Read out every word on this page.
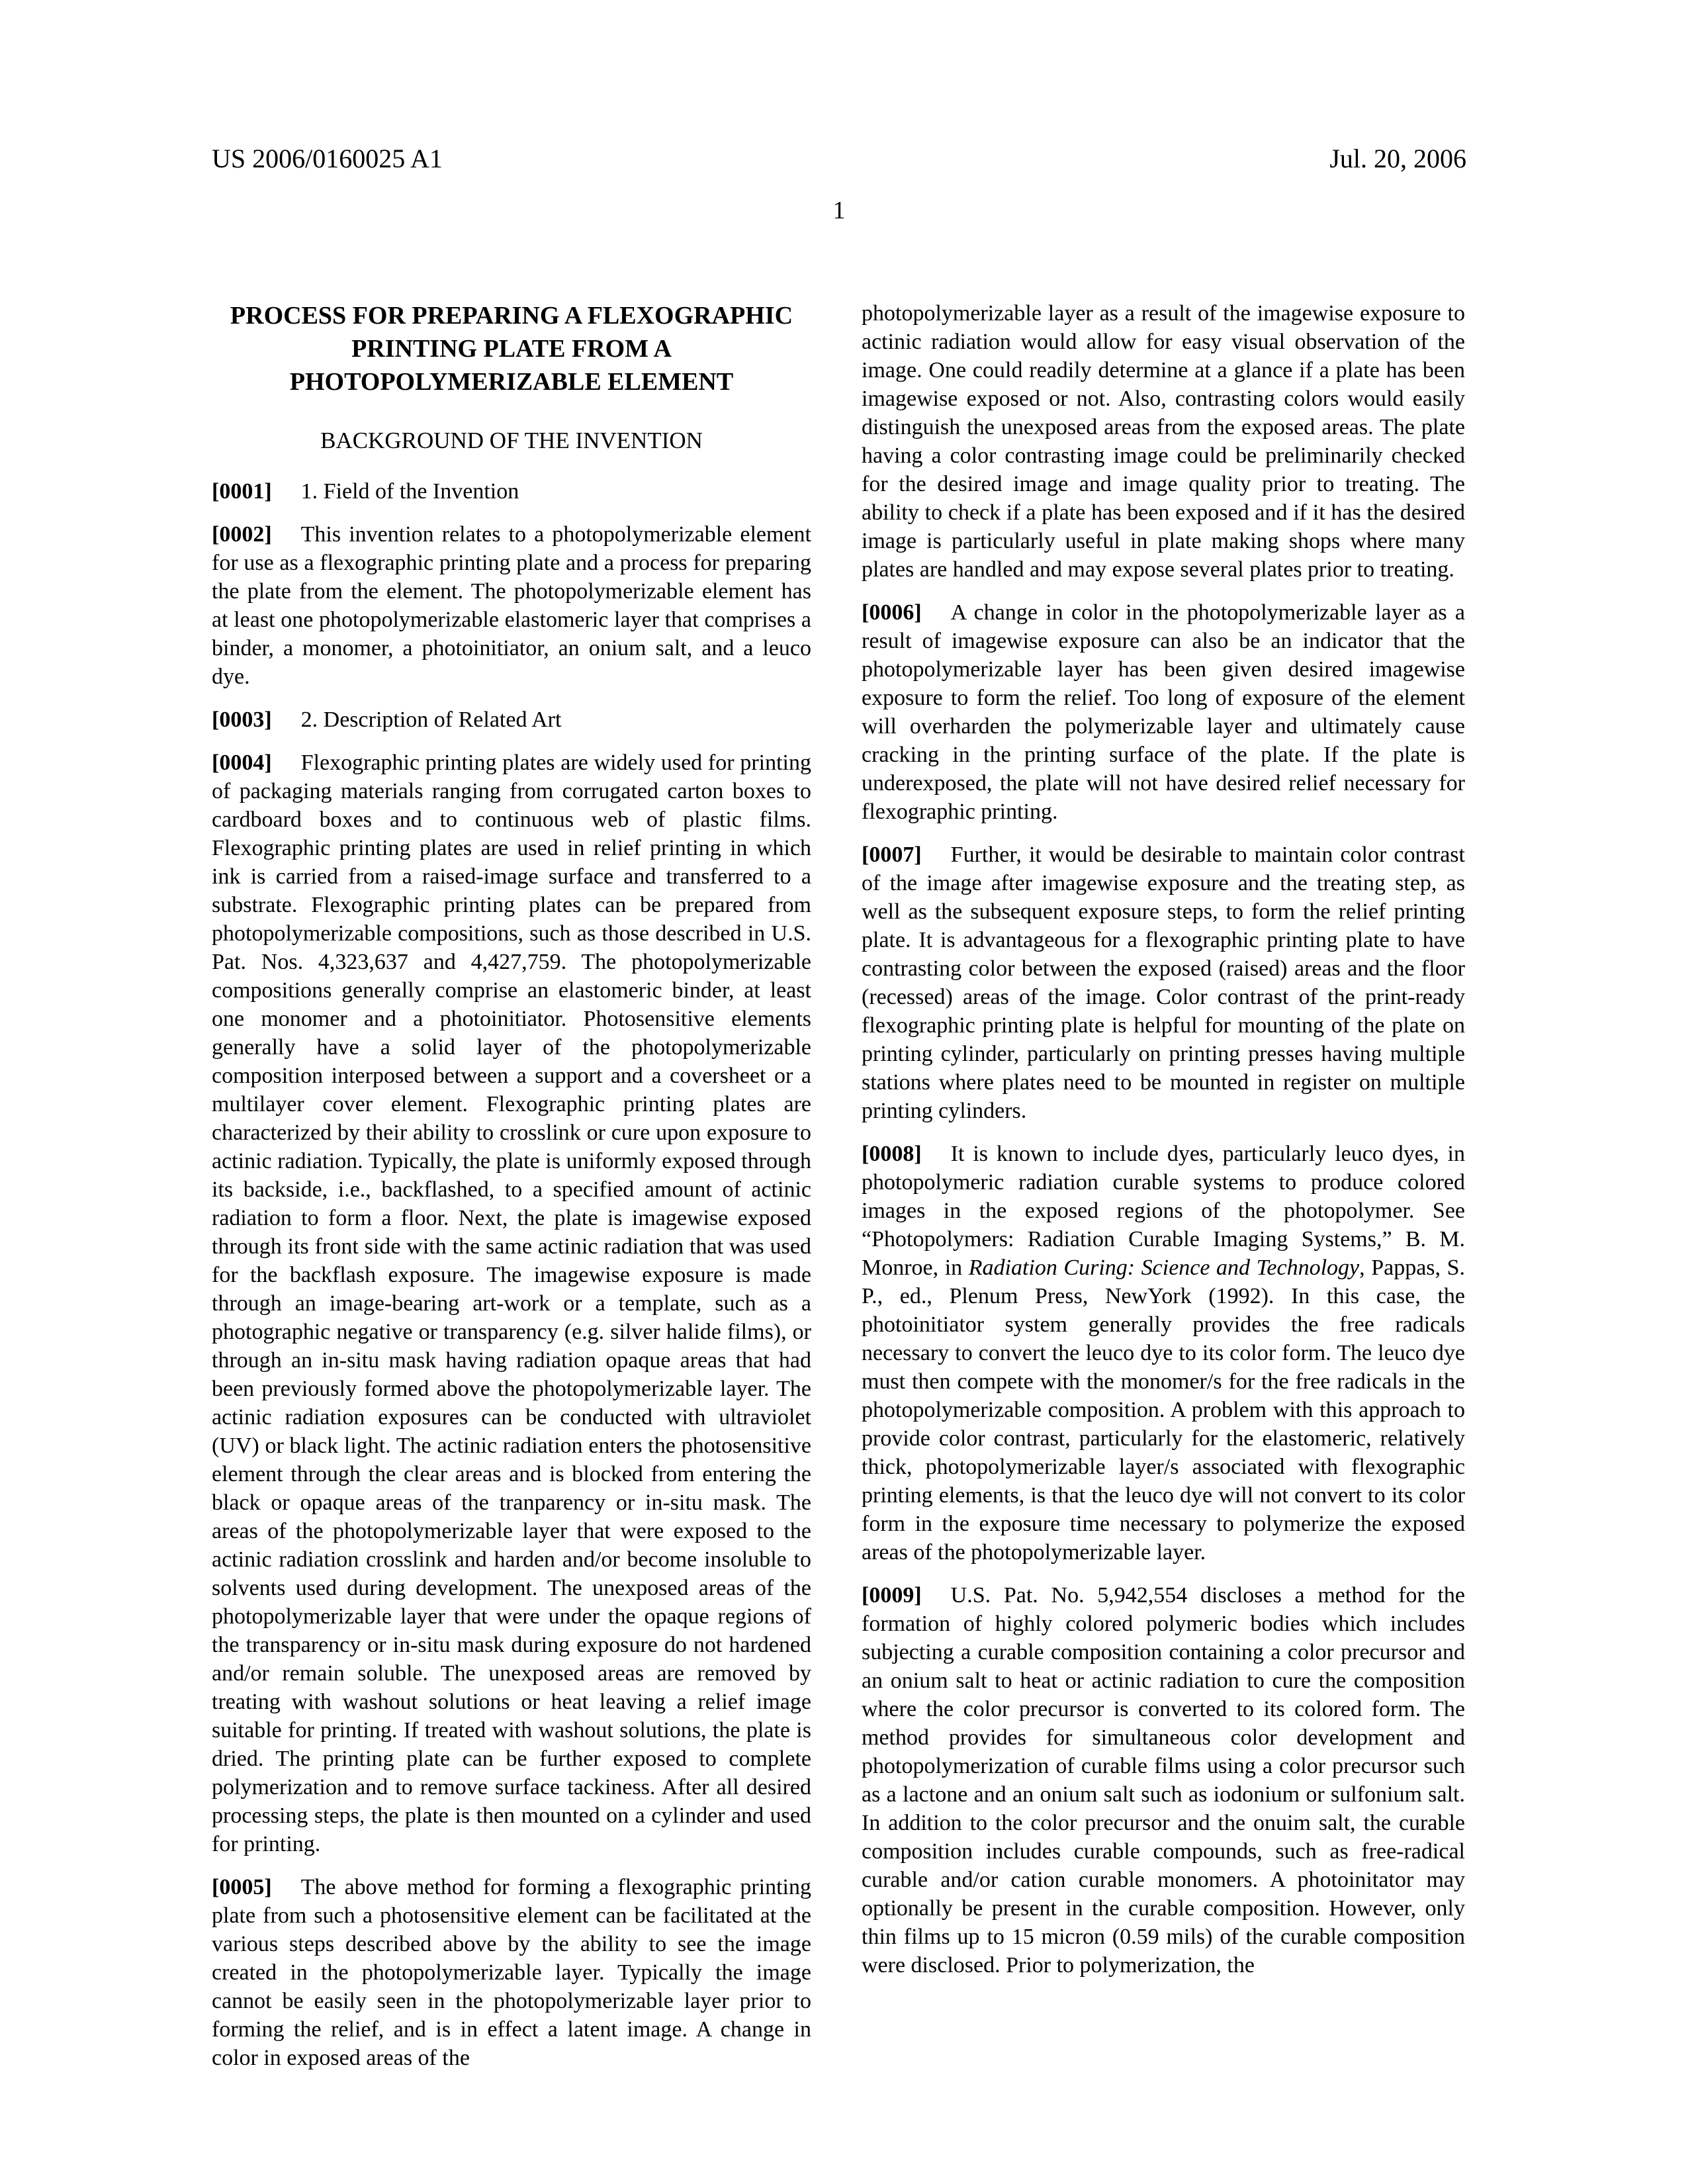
US 2006/0160025 A1	Jul. 20, 2006
1
PROCESS FOR PREPARING A FLEXOGRAPHIC
PRINTING PLATE FROM A
PHOTOPOLYMERIZABLE ELEMENT
BACKGROUND OF THE INVENTION
[0001] 1. Field of the Invention
[0002] This invention relates to a photopolymerizable element for use as a flexographic printing plate and a process for preparing the plate from the element. The photopolymerizable element has at least one photopolymerizable elastomeric layer that comprises a binder, a monomer, a photoinitiator, an onium salt, and a leuco dye.
[0003] 2. Description of Related Art
[0004] Flexographic printing plates are widely used for printing of packaging materials ranging from corrugated carton boxes to cardboard boxes and to continuous web of plastic films. Flexographic printing plates are used in relief printing in which ink is carried from a raised-image surface and transferred to a substrate. Flexographic printing plates can be prepared from photopolymerizable compositions, such as those described in U.S. Pat. Nos. 4,323,637 and 4,427,759. The photopolymerizable compositions generally comprise an elastomeric binder, at least one monomer and a photoinitiator. Photosensitive elements generally have a solid layer of the photopolymerizable composition interposed between a support and a coversheet or a multilayer cover element. Flexographic printing plates are characterized by their ability to crosslink or cure upon exposure to actinic radiation. Typically, the plate is uniformly exposed through its backside, i.e., backflashed, to a specified amount of actinic radiation to form a floor. Next, the plate is imagewise exposed through its front side with the same actinic radiation that was used for the backflash exposure. The imagewise exposure is made through an image-bearing art-work or a template, such as a photographic negative or transparency (e.g. silver halide films), or through an in-situ mask having radiation opaque areas that had been previously formed above the photopolymerizable layer. The actinic radiation exposures can be conducted with ultraviolet (UV) or black light. The actinic radiation enters the photosensitive element through the clear areas and is blocked from entering the black or opaque areas of the tranparency or in-situ mask. The areas of the photopolymerizable layer that were exposed to the actinic radiation crosslink and harden and/or become insoluble to solvents used during development. The unexposed areas of the photopolymerizable layer that were under the opaque regions of the transparency or in-situ mask during exposure do not hardened and/or remain soluble. The unexposed areas are removed by treating with washout solutions or heat leaving a relief image suitable for printing. If treated with washout solutions, the plate is dried. The printing plate can be further exposed to complete polymerization and to remove surface tackiness. After all desired processing steps, the plate is then mounted on a cylinder and used for printing.
[0005] The above method for forming a flexographic printing plate from such a photosensitive element can be facilitated at the various steps described above by the ability to see the image created in the photopolymerizable layer. Typically the image cannot be easily seen in the photopolymerizable layer prior to forming the relief, and is in effect a latent image. A change in color in exposed areas of the
photopolymerizable layer as a result of the imagewise exposure to actinic radiation would allow for easy visual observation of the image. One could readily determine at a glance if a plate has been imagewise exposed or not. Also, contrasting colors would easily distinguish the unexposed areas from the exposed areas. The plate having a color contrasting image could be preliminarily checked for the desired image and image quality prior to treating. The ability to check if a plate has been exposed and if it has the desired image is particularly useful in plate making shops where many plates are handled and may expose several plates prior to treating.
[0006] A change in color in the photopolymerizable layer as a result of imagewise exposure can also be an indicator that the photopolymerizable layer has been given desired imagewise exposure to form the relief. Too long of exposure of the element will overharden the polymerizable layer and ultimately cause cracking in the printing surface of the plate. If the plate is underexposed, the plate will not have desired relief necessary for flexographic printing.
[0007] Further, it would be desirable to maintain color contrast of the image after imagewise exposure and the treating step, as well as the subsequent exposure steps, to form the relief printing plate. It is advantageous for a flexographic printing plate to have contrasting color between the exposed (raised) areas and the floor (recessed) areas of the image. Color contrast of the print-ready flexographic printing plate is helpful for mounting of the plate on printing cylinder, particularly on printing presses having multiple stations where plates need to be mounted in register on multiple printing cylinders.
[0008] It is known to include dyes, particularly leuco dyes, in photopolymeric radiation curable systems to produce colored images in the exposed regions of the photopolymer. See “Photopolymers: Radiation Curable Imaging Systems,” B. M. Monroe, in Radiation Curing: Science and Technology, Pappas, S. P., ed., Plenum Press, NewYork (1992). In this case, the photoinitiator system generally provides the free radicals necessary to convert the leuco dye to its color form. The leuco dye must then compete with the monomer/s for the free radicals in the photopolymerizable composition. A problem with this approach to provide color contrast, particularly for the elastomeric, relatively thick, photopolymerizable layer/s associated with flexographic printing elements, is that the leuco dye will not convert to its color form in the exposure time necessary to polymerize the exposed areas of the photopolymerizable layer.
[0009] U.S. Pat. No. 5,942,554 discloses a method for the formation of highly colored polymeric bodies which includes subjecting a curable composition containing a color precursor and an onium salt to heat or actinic radiation to cure the composition where the color precursor is converted to its colored form. The method provides for simultaneous color development and photopolymerization of curable films using a color precursor such as a lactone and an onium salt such as iodonium or sulfonium salt. In addition to the color precursor and the onuim salt, the curable composition includes curable compounds, such as free-radical curable and/or cation curable monomers. A photoinitator may optionally be present in the curable composition. However, only thin films up to 15 micron (0.59 mils) of the curable composition were disclosed. Prior to polymerization, the
